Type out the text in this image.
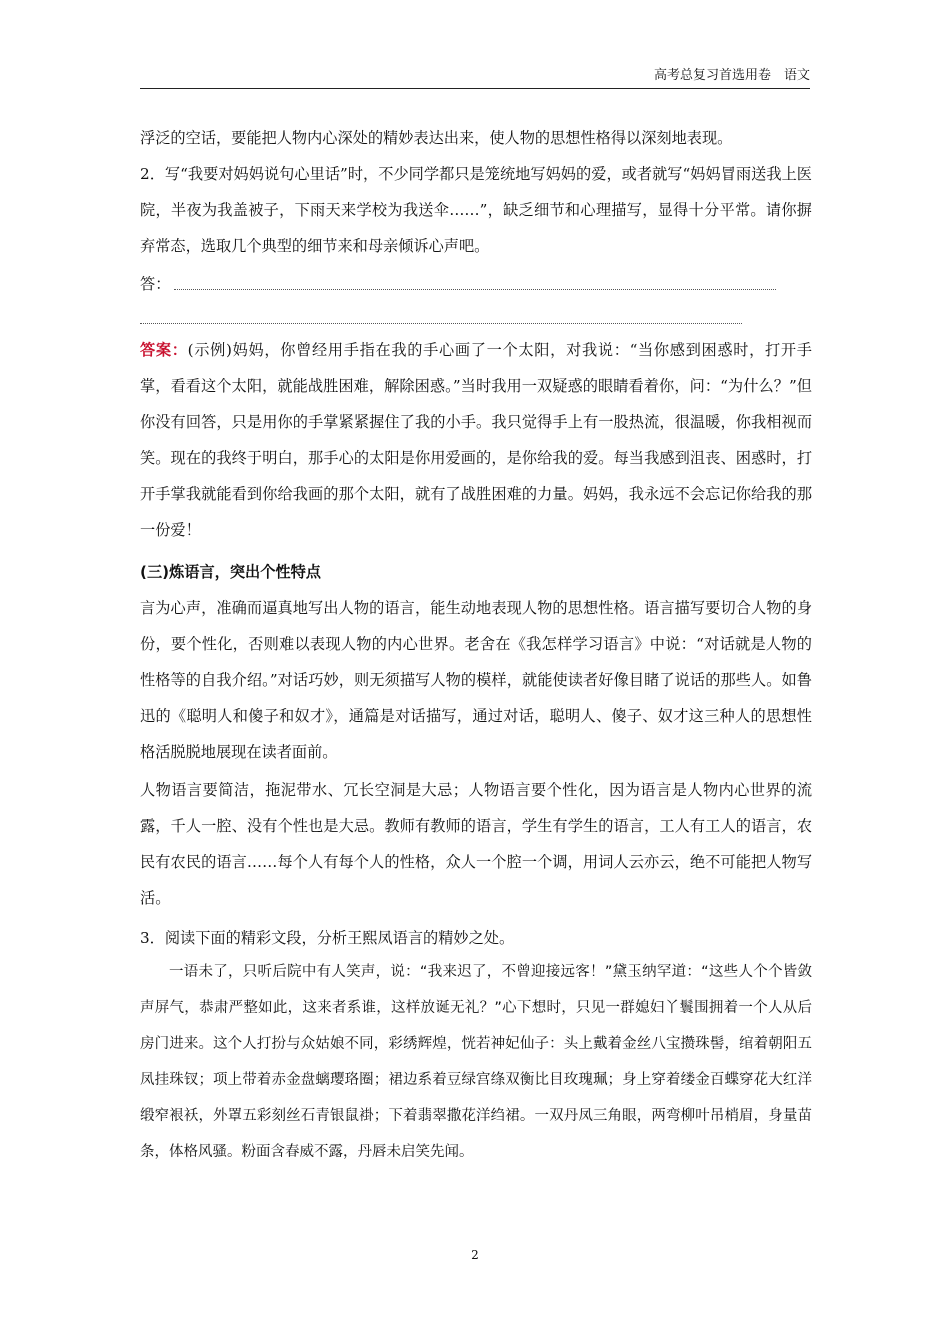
高考总复习首选用卷　语文
浮泛的空话，要能把人物内心深处的精妙表达出来，使人物的思想性格得以深刻地表现。
2．写“我要对妈妈说句心里话”时，不少同学都只是笼统地写妈妈的爱，或者就写“妈妈冒雨送我上医院，半夜为我盖被子，下雨天来学校为我送伞……”，缺乏细节和心理描写，显得十分平常。请你摒弃常态，选取几个典型的细节来和母亲倾诉心声吧。
答：
答案：(示例)妈妈，你曾经用手指在我的手心画了一个太阳，对我说：“当你感到困惑时，打开手掌，看看这个太阳，就能战胜困难，解除困惑。”当时我用一双疑惑的眼睛看着你，问：“为什么？”但你没有回答，只是用你的手掌紧紧握住了我的小手。我只觉得手上有一股热流，很温暖，你我相视而笑。现在的我终于明白，那手心的太阳是你用爱画的，是你给我的爱。每当我感到沮丧、困惑时，打开手掌我就能看到你给我画的那个太阳，就有了战胜困难的力量。妈妈，我永远不会忘记你给我的那一份爱！
(三)炼语言，突出个性特点
言为心声，准确而逼真地写出人物的语言，能生动地表现人物的思想性格。语言描写要切合人物的身份，要个性化，否则难以表现人物的内心世界。老舍在《我怎样学习语言》中说：“对话就是人物的性格等的自我介绍。”对话巧妙，则无须描写人物的模样，就能使读者好像目睹了说话的那些人。如鲁迅的《聪明人和傻子和奴才》，通篇是对话描写，通过对话，聪明人、傻子、奴才这三种人的思想性格活脱脱地展现在读者面前。
人物语言要简洁，拖泥带水、冗长空洞是大忌；人物语言要个性化，因为语言是人物内心世界的流露，千人一腔、没有个性也是大忌。教师有教师的语言，学生有学生的语言，工人有工人的语言，农民有农民的语言……每个人有每个人的性格，众人一个腔一个调，用词人云亦云，绝不可能把人物写活。
3．阅读下面的精彩文段，分析王熙凤语言的精妙之处。
一语未了，只听后院中有人笑声，说：“我来迟了，不曾迎接远客！”黛玉纳罕道：“这些人个个皆敛声屏气，恭肃严整如此，这来者系谁，这样放诞无礼？”心下想时，只见一群媳妇丫鬟围拥着一个人从后房门进来。这个人打扮与众姑娘不同，彩绣辉煌，恍若神妃仙子：头上戴着金丝八宝攒珠髻，绾着朝阳五凤挂珠钗；项上带着赤金盘螭璎珞圈；裙边系着豆绿宫绦双衡比目玫瑰珮；身上穿着缕金百蝶穿花大红洋缎窄裉袄，外罩五彩刻丝石青银鼠褂；下着翡翠撒花洋绉裙。一双丹凤三角眼，两弯柳叶吊梢眉，身量苗条，体格风骚。粉面含春威不露，丹唇未启笑先闻。
2
